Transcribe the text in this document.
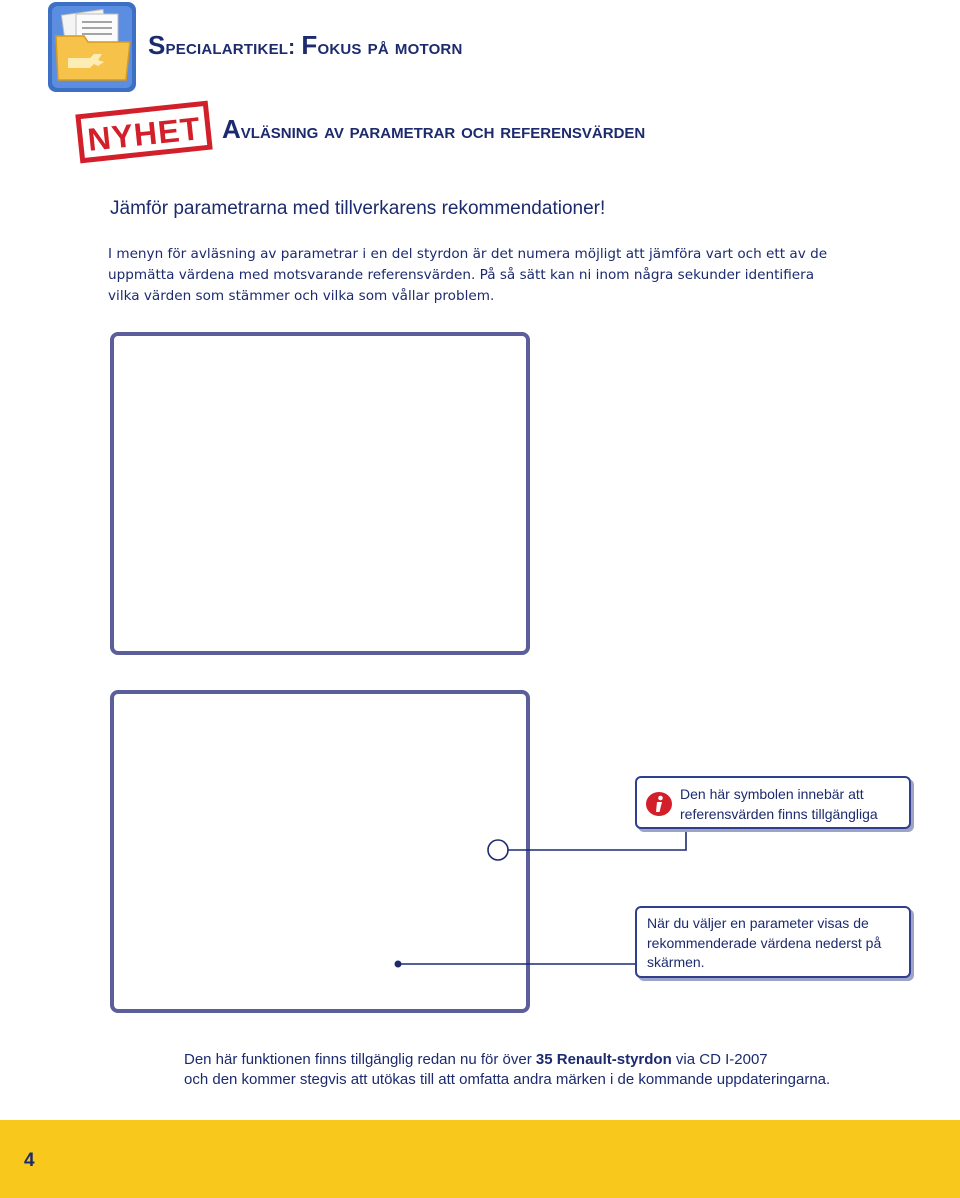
Specialartikel: Fokus på motorn
NYHET Avläsning av parametrar och referensvärden
Jämför parametrarna med tillverkarens rekommendationer!

I menyn för avläsning av parametrar i en del styrdon är det numera möjligt att jämföra vart och ett av de uppmätta värdena med motsvarande referensvärden. På så sätt kan ni inom några sekunder identifiera vilka värden som stämmer och vilka som vållar problem.

Den här symbolen innebär att referensvärden finns tillgängliga
När du väljer en parameter visas de rekommenderade värdena nederst på skärmen.

Den här funktionen finns tillgänglig redan nu för över 35 Renault-styrdon via CD I-2007
och den kommer stegvis att utökas till att omfatta andra märken i de kommande uppdateringarna.

4
